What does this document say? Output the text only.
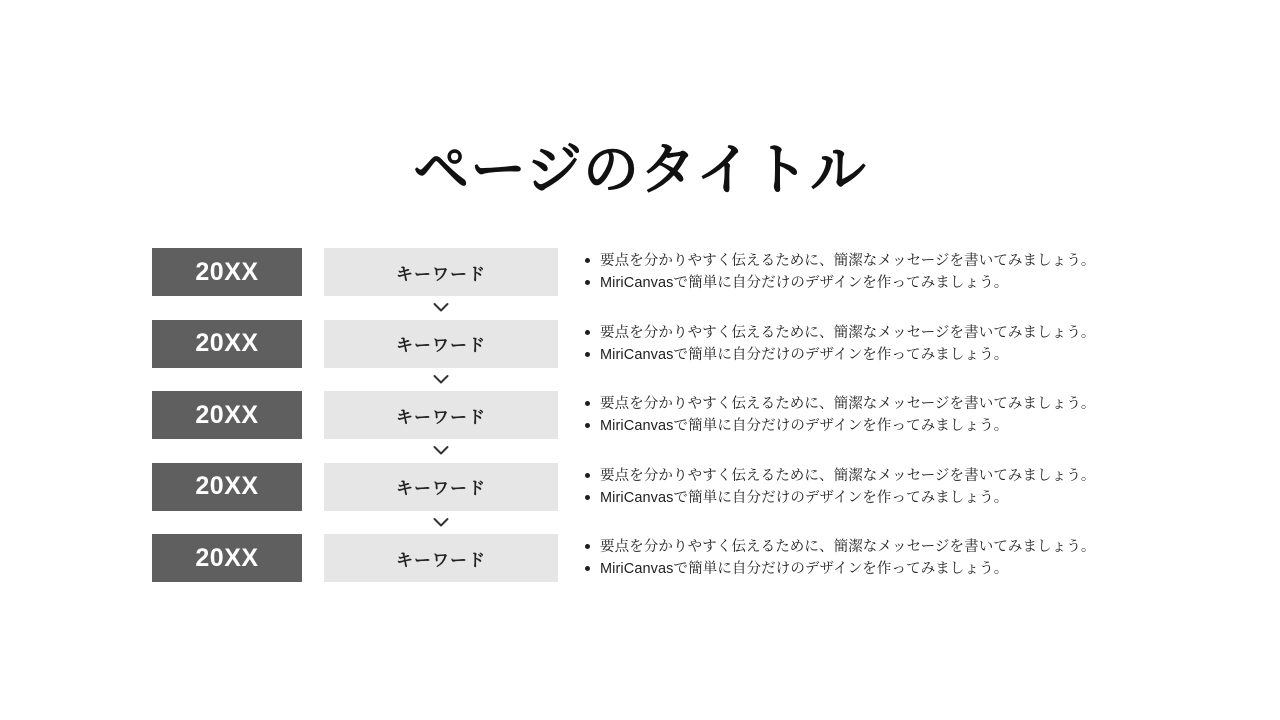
ページのタイトル
20XX	キーワード
要点を分かりやすく伝えるために、簡潔なメッセージを書いてみましょう。
MiriCanvasで簡単に自分だけのデザインを作ってみましょう。
20XX	キーワード
要点を分かりやすく伝えるために、簡潔なメッセージを書いてみましょう。
MiriCanvasで簡単に自分だけのデザインを作ってみましょう。
20XX	キーワード
要点を分かりやすく伝えるために、簡潔なメッセージを書いてみましょう。
MiriCanvasで簡単に自分だけのデザインを作ってみましょう。
20XX	キーワード
要点を分かりやすく伝えるために、簡潔なメッセージを書いてみましょう。
MiriCanvasで簡単に自分だけのデザインを作ってみましょう。
20XX	キーワード
要点を分かりやすく伝えるために、簡潔なメッセージを書いてみましょう。
MiriCanvasで簡単に自分だけのデザインを作ってみましょう。
